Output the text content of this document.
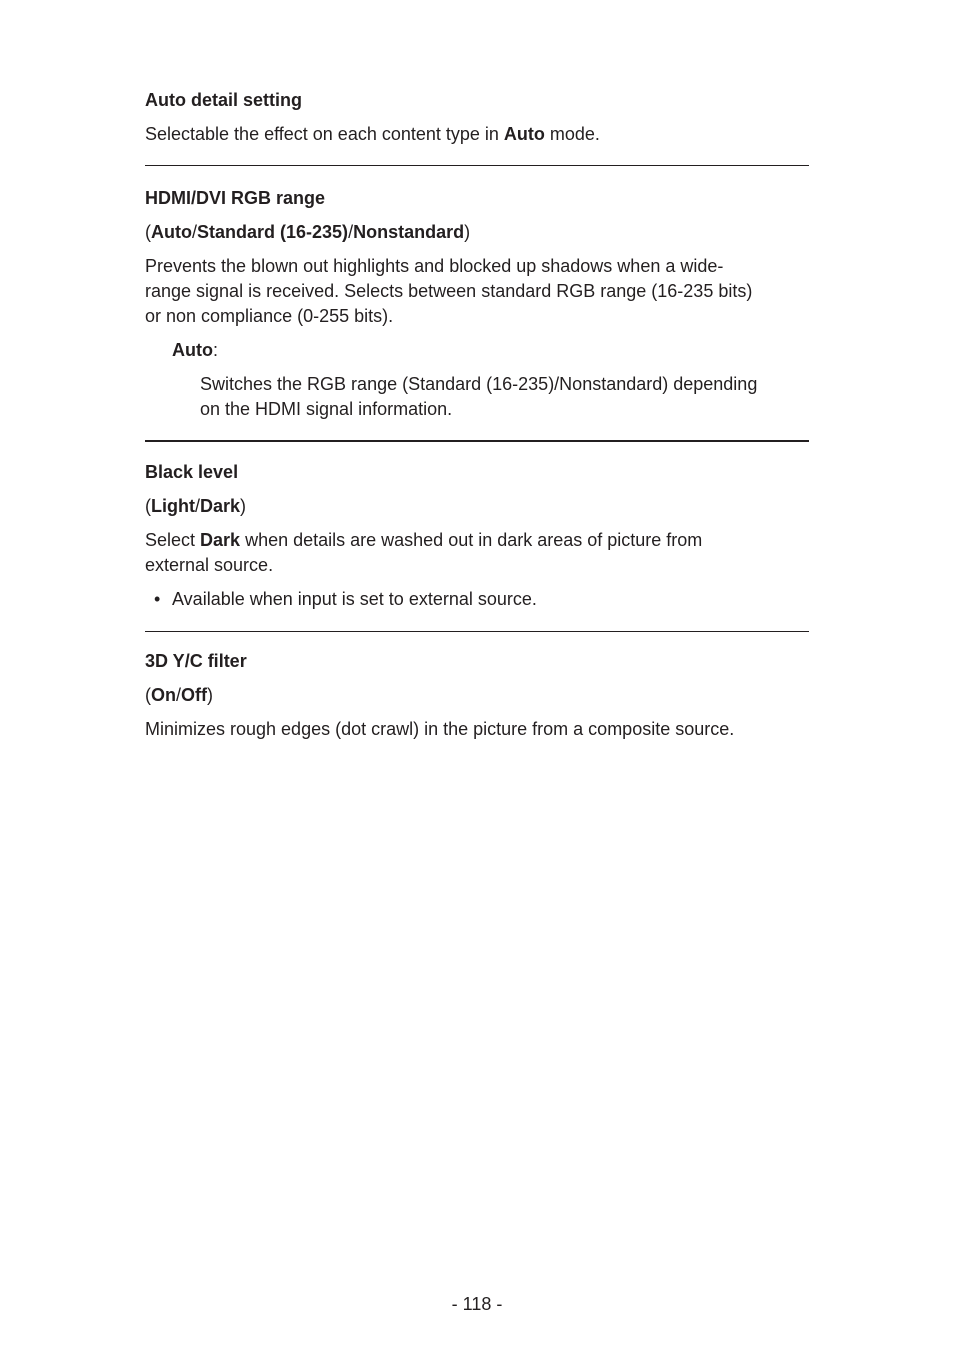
Auto detail setting

Selectable the effect on each content type in Auto mode.

HDMI/DVI RGB range

(Auto/Standard (16-235)/Nonstandard)

Prevents the blown out highlights and blocked up shadows when a wide-
range signal is received. Selects between standard RGB range (16-235 bits)
or non compliance (0-255 bits).

Auto:

Switches the RGB range (Standard (16-235)/Nonstandard) depending
on the HDMI signal information.

Black level

(Light/Dark)

Select Dark when details are washed out in dark areas of picture from
external source.

• Available when input is set to external source.

3D Y/C filter

(On/Off)

Minimizes rough edges (dot crawl) in the picture from a composite source.

- 118 -
